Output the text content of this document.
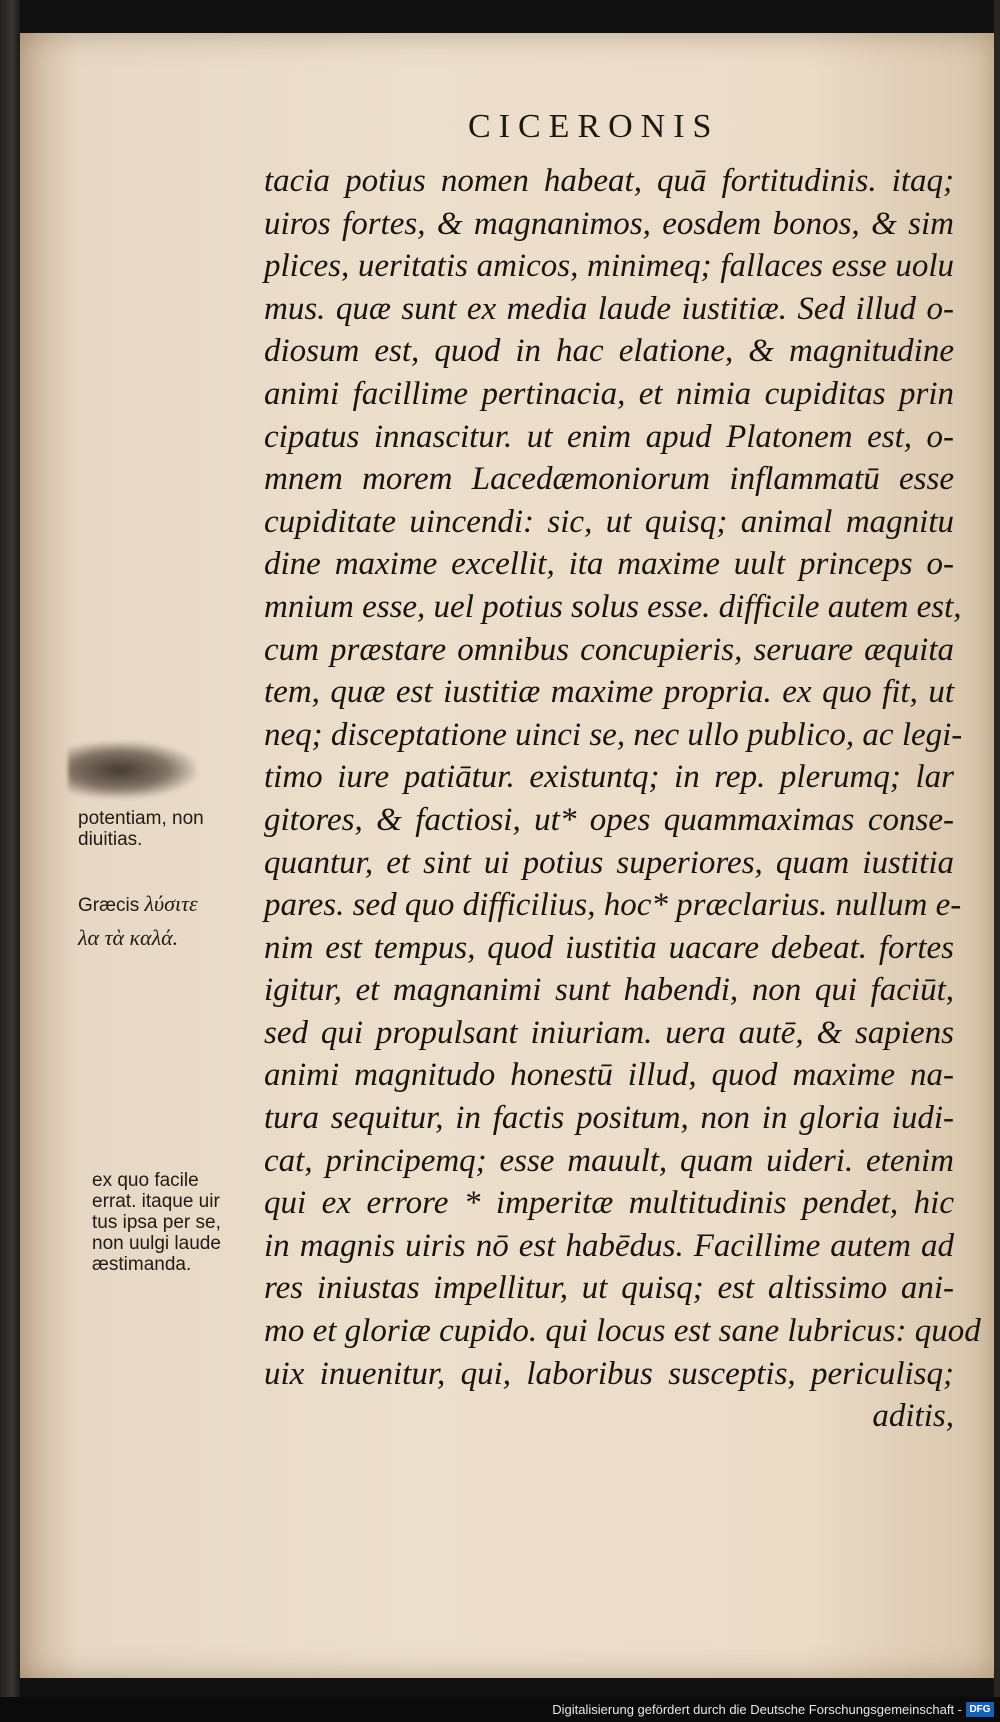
CICERONIS
potentiam, non
diuitias.
Græcis λύσιτε
λα τὰ καλά.
ex quo facile
errat. itaque uir
tus ipsa per se,
non uulgi laude
æstimanda.
tacia potius nomen habeat, quā fortitudinis. itaq;
uiros fortes, & magnanimos, eosdem bonos, & sim
plices, ueritatis amicos, minimeq; fallaces esse uolu
mus. quæ sunt ex media laude iustitiæ. Sed illud o-
diosum est, quod in hac elatione, & magnitudine
animi facillime pertinacia, et nimia cupiditas prin
cipatus innascitur. ut enim apud Platonem est, o-
mnem morem Lacedæmoniorum inflammatū esse
cupiditate uincendi: sic, ut quisq; animal magnitu
dine maxime excellit, ita maxime uult princeps o-
mnium esse, uel potius solus esse. difficile autem est,
cum præstare omnibus concupieris, seruare æquita
tem, quæ est iustitiæ maxime propria. ex quo fit, ut
neq; disceptatione uinci se, nec ullo publico, ac legi-
timo iure patiātur. existuntq; in rep. plerumq; lar
gitores, & factiosi, ut* opes quammaximas conse-
quantur, et sint ui potius superiores, quam iustitia
pares. sed quo difficilius, hoc* præclarius. nullum e-
nim est tempus, quod iustitia uacare debeat. fortes
igitur, et magnanimi sunt habendi, non qui faciūt,
sed qui propulsant iniuriam. uera autē, & sapiens
animi magnitudo honestū illud, quod maxime na-
tura sequitur, in factis positum, non in gloria iudi-
cat, principemq; esse mauult, quam uideri. etenim
qui ex errore * imperitæ multitudinis pendet, hic
in magnis uiris nō est habēdus. Facillime autem ad
res iniustas impellitur, ut quisq; est altissimo ani-
mo et gloriæ cupido. qui locus est sane lubricus: quod
uix inuenitur, qui, laboribus susceptis, periculisq;
aditis,
Digitalisierung gefördert durch die Deutsche Forschungsgemeinschaft - DFG
